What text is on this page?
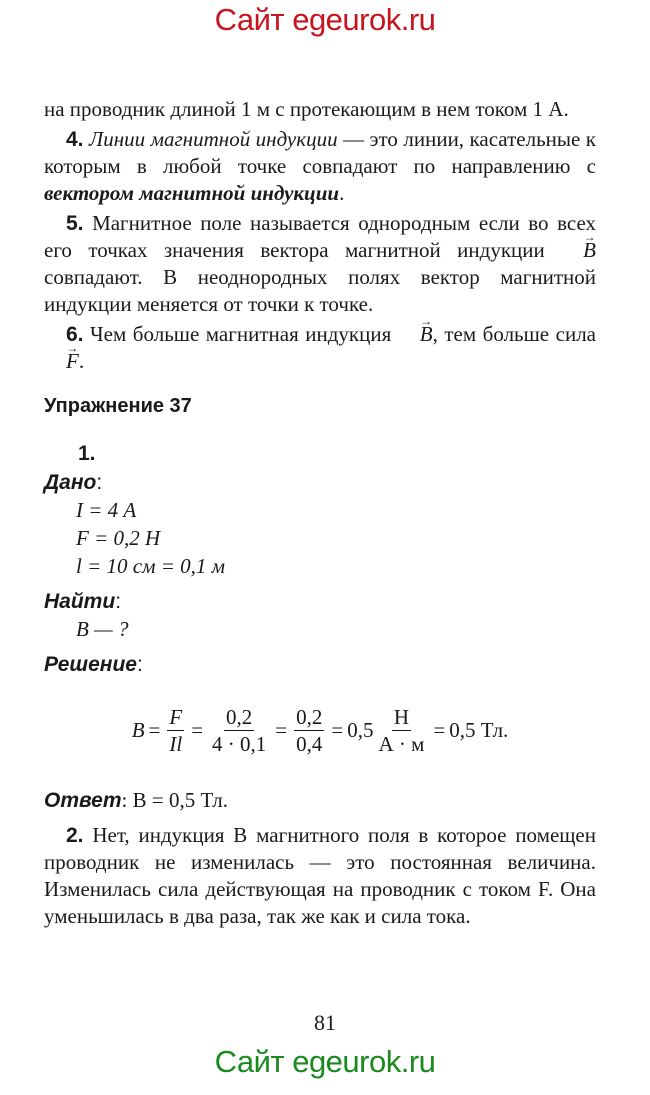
Сайт egeurok.ru

на проводник длиной 1 м с протекающим в нем током 1 А.

4. Линии магнитной индукции — это линии, касательные к которым в любой точке совпадают по направлению с вектором магнитной индукции.

5. Магнитное поле называется однородным если во всех его точках значения вектора магнитной индукции → B совпадают. В неоднородных полях вектор магнитной индукции меняется от точки к точке.

6. Чем больше магнитная индукция → B, тем больше сила → F.

Упражнение 37
1.
Дано:
I = 4 А
F = 0,2 Н
l = 10 см = 0,1 м
Найти:
B — ?
Решение:
$B = \frac{F}{Il} = \frac{0,2}{4 \cdot 0,1} = \frac{0,2}{0,4} = 0,5 \frac{Н}{А \cdot м} = 0,5$ Тл.
Ответ: B = 0,5 Тл.

2. Нет, индукция B магнитного поля в которое помещен проводник не изменилась — это постоянная величина. Изменилась сила действующая на проводник с током F. Она уменьшилась в два раза, так же как и сила тока.

81
Сайт egeurok.ru
